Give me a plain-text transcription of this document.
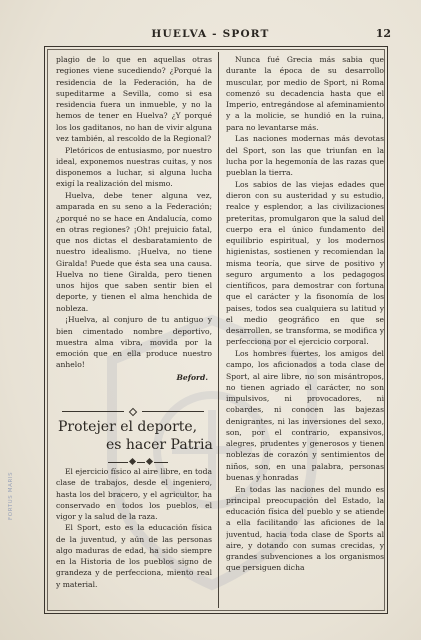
HUELVA - SPORT	12

plagio de lo que en aquellas otras regiones viene sucediendo? ¿Porqué la residencia de la Federación, ha de supeditarme a Sevilla, como si esa residencia fuera un inmueble, y no la hemos de tener en Huelva? ¿Y porqué los los gaditanos, no han de vivir alguna vez también, al rescoldo de la Regional?

Pletóricos de entusiasmo, por nuestro ideal, exponemos nuestras cuitas, y nos disponemos a luchar, si alguna lucha exigí la realización del mismo.

Huelva, debe tener alguna vez, amparada en su seno a la Federación; ¿porqué no se hace en Andalucía, como en otras regiones? ¡Oh! prejuicio fatal, que nos dictas el desbaratamiento de nuestro idealismo. ¡Huelva, no tiene Giralda! Puede que ésta sea una causa. Huelva no tiene Giralda, pero tienen unos hijos que saben sentir bien el deporte, y tienen el alma henchida de nobleza.

¡Huelva, al conjuro de tu antiguo y bien cimentado nombre deportivo, muestra alma vibra, movida por la emoción que en ella produce nuestro anhelo!

Beford.
Protejer el deporte,
es hacer Patria

El ejercicio físico al aire libre, en toda clase de trabajos, desde el ingeniero, hasta los del bracero, y el agricultor, ha conservado en todos los pueblos, el vigor y la salud de la raza.

El Sport, esto es la educación física de la juventud, y aún de las personas algo maduras de edad, ha sido siempre en la Historia de los pueblos signo de grandeza y de perfecciona, miento real y material.

Nunca fué Grecia más sabia que durante la época de su desarrollo muscular, por medio de Sport, ni Roma comenzó su decadencia hasta que el Imperio, entregándose al afeminamiento y a la molicie, se hundió en la ruina, para no levantarse más.

Las naciones modernas más devotas del Sport, son las que triunfan en la lucha por la hegemonía de las razas que pueblan la tierra.

Los sabios de las viejas edades que dieron con su austeridad y su estudio, realce y esplendor, a las civilizaciones preteritas, promulgaron que la salud del cuerpo era el único fundamento del equilibrio espiritual, y los modernos higienistas, sostienen y recomiendan la misma teoría, que sirve de positivo y seguro argumento a los pedagogos científicos, para demostrar con fortuna que el carácter y la fisonomía de los paises, todos sea cualquiera su latitud y el medio geográfico en que se desarrollen, se transforma, se modifica y perfecciona por el ejercicio corporal.

Los hombres fuertes, los amigos del campo, los aficionados a toda clase de Sport, al aire libre, no son misántropos, no tienen agriado el carácter, no son impulsivos, ni provocadores, ni cobardes, ni conocen las bajezas denigrantes, ni las inversiones del sexo, son, por el contrario, expansivos, alegres, prudentes y generosos y tienen noblezas de corazón y sentimientos de niños, son, en una palabra, personas buenas y honradas

En todas las naciones del mundo es principal preocupación del Estado, la educación física del pueblo y se atiende a ella facilitando las aficiones de la juventud, hacia toda clase de Sports al aire, y dotando con sumas crecidas, y grandes subvenciones a los organismos que persiguen dicha

FORTUS MARIS
